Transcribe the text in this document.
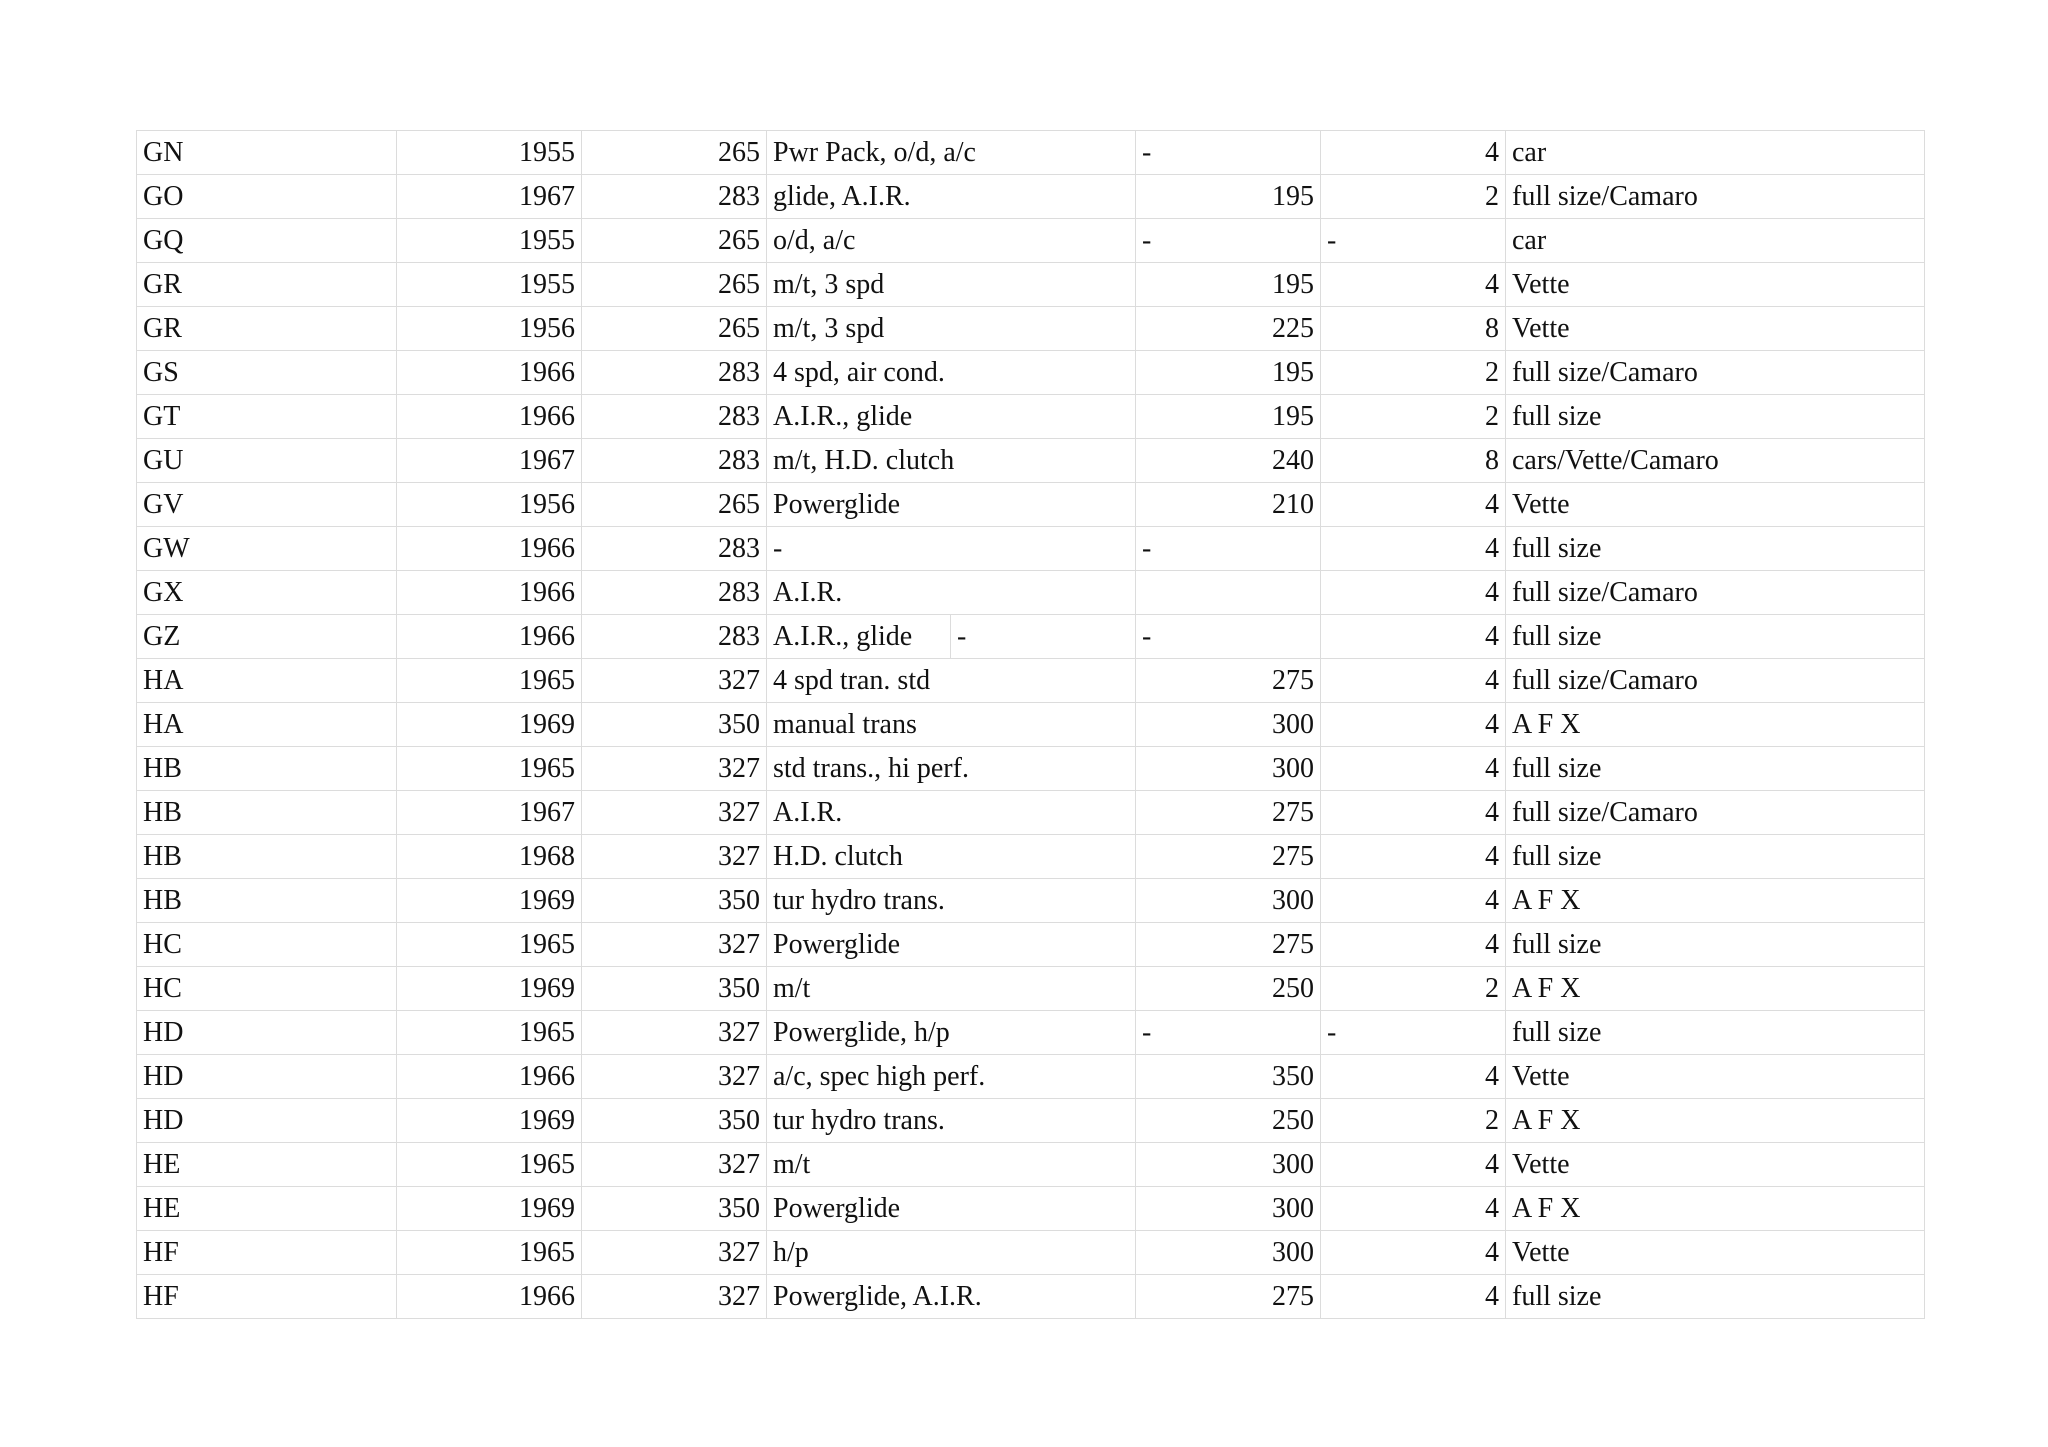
GN	1955	265	Pwr Pack, o/d, a/c		-	4	car
GO	1967	283	glide, A.I.R.		195	2	full size/Camaro
GQ	1955	265	o/d, a/c		-	-	car
GR	1955	265	m/t, 3 spd		195	4	Vette
GR	1956	265	m/t, 3 spd		225	8	Vette
GS	1966	283	4 spd, air cond.		195	2	full size/Camaro
GT	1966	283	A.I.R., glide		195	2	full size
GU	1967	283	m/t, H.D. clutch		240	8	cars/Vette/Camaro
GV	1956	265	Powerglide		210	4	Vette
GW	1966	283	-		-	4	full size
GX	1966	283	A.I.R.			4	full size/Camaro
GZ	1966	283	A.I.R., glide	-	-	4	full size
HA	1965	327	4 spd tran. std		275	4	full size/Camaro
HA	1969	350	manual trans		300	4	A F X
HB	1965	327	std trans., hi perf.		300	4	full size
HB	1967	327	A.I.R.		275	4	full size/Camaro
HB	1968	327	H.D. clutch		275	4	full size
HB	1969	350	tur hydro trans.		300	4	A F X
HC	1965	327	Powerglide		275	4	full size
HC	1969	350	m/t		250	2	A F X
HD	1965	327	Powerglide, h/p		-	-	full size
HD	1966	327	a/c, spec high perf.		350	4	Vette
HD	1969	350	tur hydro trans.		250	2	A F X
HE	1965	327	m/t		300	4	Vette
HE	1969	350	Powerglide		300	4	A F X
HF	1965	327	h/p		300	4	Vette
HF	1966	327	Powerglide, A.I.R.		275	4	full size
